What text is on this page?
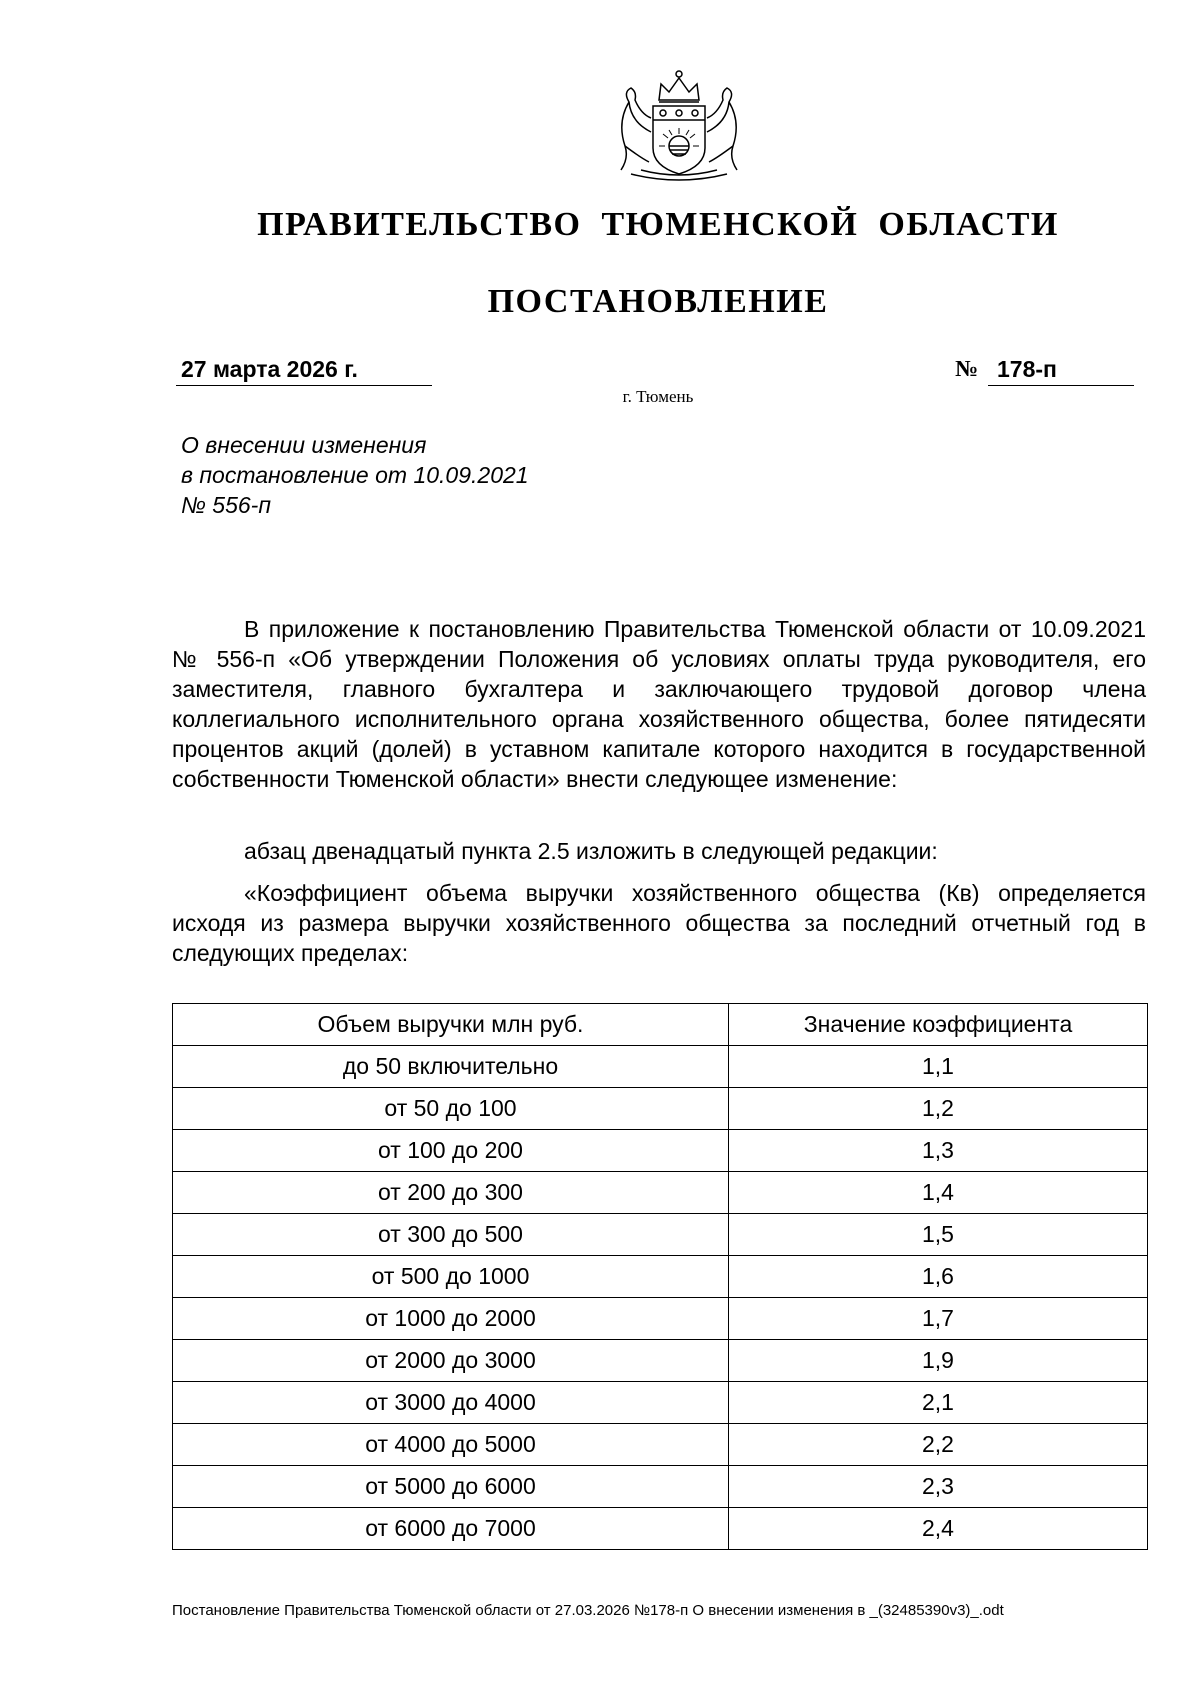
ПРАВИТЕЛЬСТВО ТЮМЕНСКОЙ ОБЛАСТИ
ПОСТАНОВЛЕНИЕ
27 марта 2026 г.	№ 178-п
г. Тюмень
О внесении изменения
в постановление от 10.09.2021
№ 556-п
В приложение к постановлению Правительства Тюменской области от 10.09.2021 № 556-п «Об утверждении Положения об условиях оплаты труда руководителя, его заместителя, главного бухгалтера и заключающего трудовой договор члена коллегиального исполнительного органа хозяйственного общества, более пятидесяти процентов акций (долей) в уставном капитале которого находится в государственной собственности Тюменской области» внести следующее изменение:
абзац двенадцатый пункта 2.5 изложить в следующей редакции:
«Коэффициент объема выручки хозяйственного общества (Кв) определяется исходя из размера выручки хозяйственного общества за последний отчетный год в следующих пределах:
Объем выручки млн руб.	Значение коэффициента
до 50 включительно	1,1
от 50 до 100	1,2
от 100 до 200	1,3
от 200 до 300	1,4
от 300 до 500	1,5
от 500 до 1000	1,6
от 1000 до 2000	1,7
от 2000 до 3000	1,9
от 3000 до 4000	2,1
от 4000 до 5000	2,2
от 5000 до 6000	2,3
от 6000 до 7000	2,4
Постановление Правительства Тюменской области от 27.03.2026 №178-п О внесении изменения в _(32485390v3)_.odt
